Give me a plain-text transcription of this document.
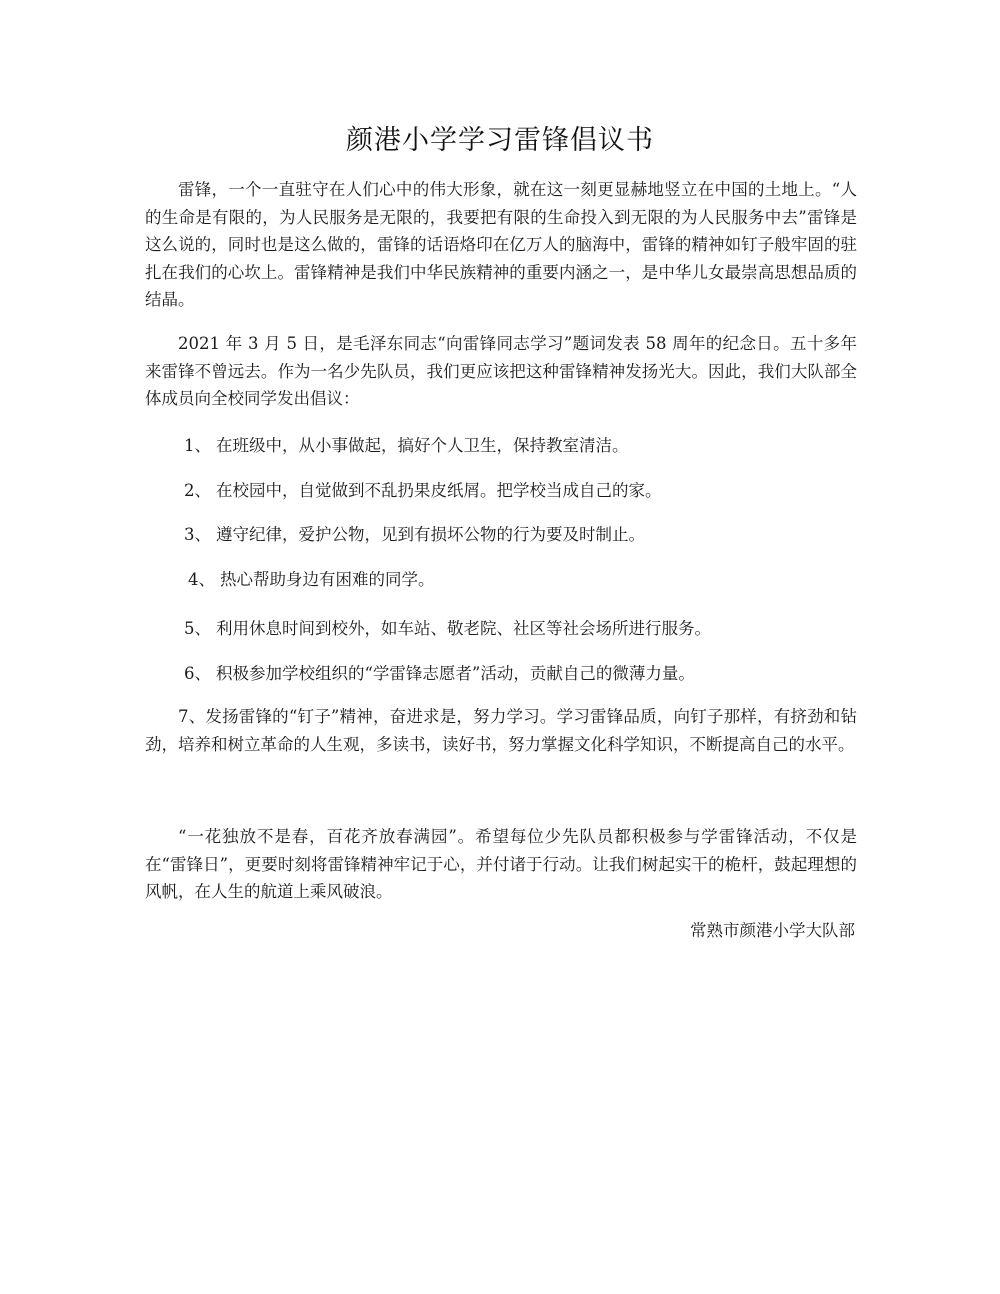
颜港小学学习雷锋倡议书

雷锋，一个一直驻守在人们心中的伟大形象，就在这一刻更显赫地竖立在中国的土地上。“人的生命是有限的，为人民服务是无限的，我要把有限的生命投入到无限的为人民服务中去”雷锋是这么说的，同时也是这么做的，雷锋的话语烙印在亿万人的脑海中，雷锋的精神如钉子般牢固的驻扎在我们的心坎上。雷锋精神是我们中华民族精神的重要内涵之一，是中华儿女最崇高思想品质的结晶。

2021 年 3 月 5 日，是毛泽东同志“向雷锋同志学习”题词发表 58 周年的纪念日。五十多年来雷锋不曾远去。作为一名少先队员，我们更应该把这种雷锋精神发扬光大。因此，我们大队部全体成员向全校同学发出倡议：

1、 在班级中，从小事做起，搞好个人卫生，保持教室清洁。
2、 在校园中，自觉做到不乱扔果皮纸屑。把学校当成自己的家。
3、 遵守纪律，爱护公物，见到有损坏公物的行为要及时制止。
4、 热心帮助身边有困难的同学。
5、 利用休息时间到校外，如车站、敬老院、社区等社会场所进行服务。
6、 积极参加学校组织的“学雷锋志愿者”活动，贡献自己的微薄力量。

7、发扬雷锋的“钉子”精神，奋进求是，努力学习。学习雷锋品质，向钉子那样，有挤劲和钻劲，培养和树立革命的人生观，多读书，读好书，努力掌握文化科学知识，不断提高自己的水平。

“一花独放不是春，百花齐放春满园”。希望每位少先队员都积极参与学雷锋活动，不仅是在“雷锋日”，更要时刻将雷锋精神牢记于心，并付诸于行动。让我们树起实干的桅杆，鼓起理想的风帆，在人生的航道上乘风破浪。

常熟市颜港小学大队部
